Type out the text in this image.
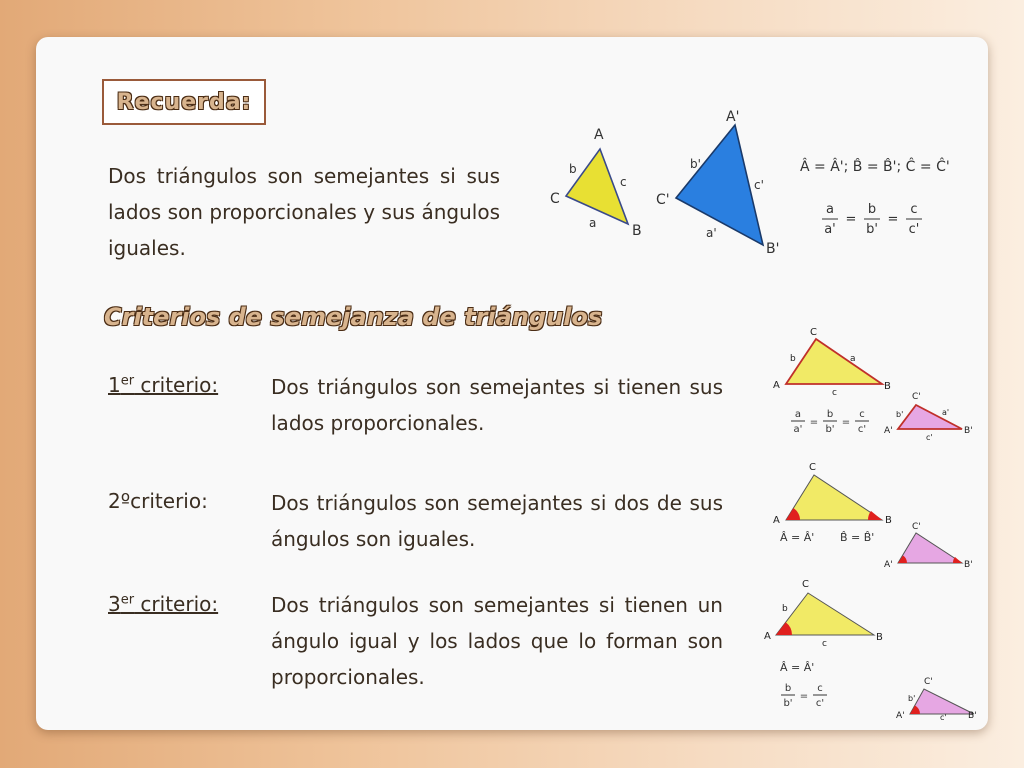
Recuerda:
Dos triángulos son semejantes si sus lados son proporcionales y sus ángulos iguales.
A
B
C
a
b
c
A'
B'
C'
a'
b'
c'
Â = Â'; B̂ = B̂'; Ĉ = Ĉ'
a
a'
=
b
b'
=
c
c'
Criterios de semejanza de triángulos
1er criterio:	Dos triángulos son semejantes si tienen sus lados proporcionales.
C
A	B
a
b
c	C'
A'	B'
a'
b'
c'
a
a'
=
b
b'
=
c
c'
2ºcriterio:	Dos triángulos son semejantes si dos de sus ángulos son iguales.
C
A	B
C'
A'	B'
Â = Â' B̂ = B̂'
3er criterio:	Dos triángulos son semejantes si tienen un ángulo igual y los lados que lo forman son proporcionales.
C
A	B
b
c
C'
A'	B'
b'
c'
Â = Â'
b
b'
=
c
c'
